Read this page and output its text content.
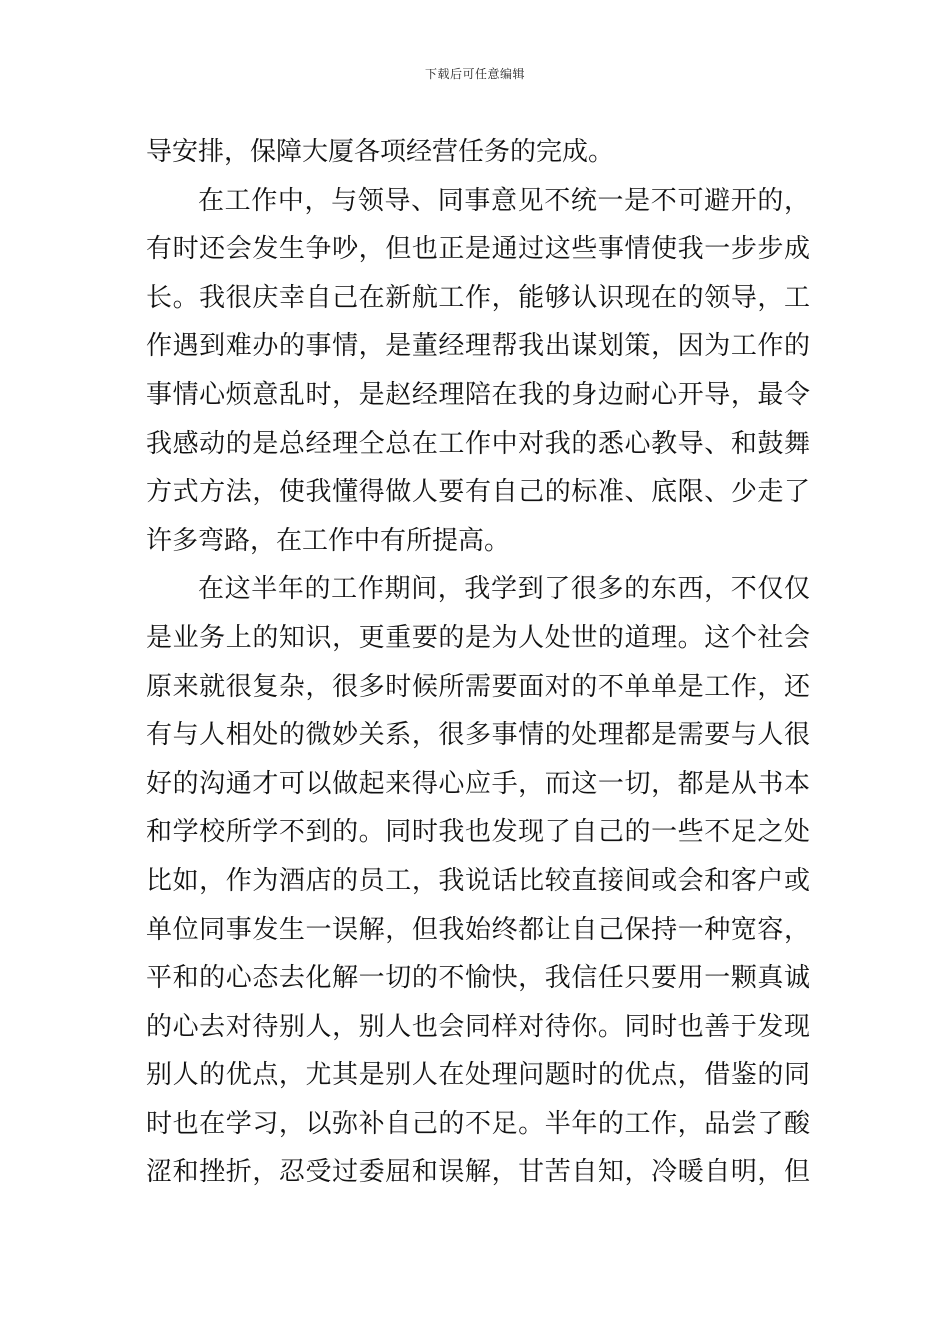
下载后可任意编辑
导安排，保障大厦各项经营任务的完成。
在工作中，与领导、同事意见不统一是不可避开的，
有时还会发生争吵，但也正是通过这些事情使我一步步成
长。我很庆幸自己在新航工作，能够认识现在的领导，工
作遇到难办的事情，是董经理帮我出谋划策，因为工作的
事情心烦意乱时，是赵经理陪在我的身边耐心开导，最令
我感动的是总经理仝总在工作中对我的悉心教导、和鼓舞
方式方法，使我懂得做人要有自己的标准、底限、少走了
许多弯路，在工作中有所提高。
在这半年的工作期间，我学到了很多的东西，不仅仅
是业务上的知识，更重要的是为人处世的道理。这个社会
原来就很复杂，很多时候所需要面对的不单单是工作，还
有与人相处的微妙关系，很多事情的处理都是需要与人很
好的沟通才可以做起来得心应手，而这一切，都是从书本
和学校所学不到的。同时我也发现了自己的一些不足之处
比如，作为酒店的员工，我说话比较直接间或会和客户或
单位同事发生一误解，但我始终都让自己保持一种宽容，
平和的心态去化解一切的不愉快，我信任只要用一颗真诚
的心去对待别人，别人也会同样对待你。同时也善于发现
别人的优点，尤其是别人在处理问题时的优点，借鉴的同
时也在学习，以弥补自己的不足。半年的工作，品尝了酸
涩和挫折，忍受过委屈和误解，甘苦自知，冷暖自明，但
